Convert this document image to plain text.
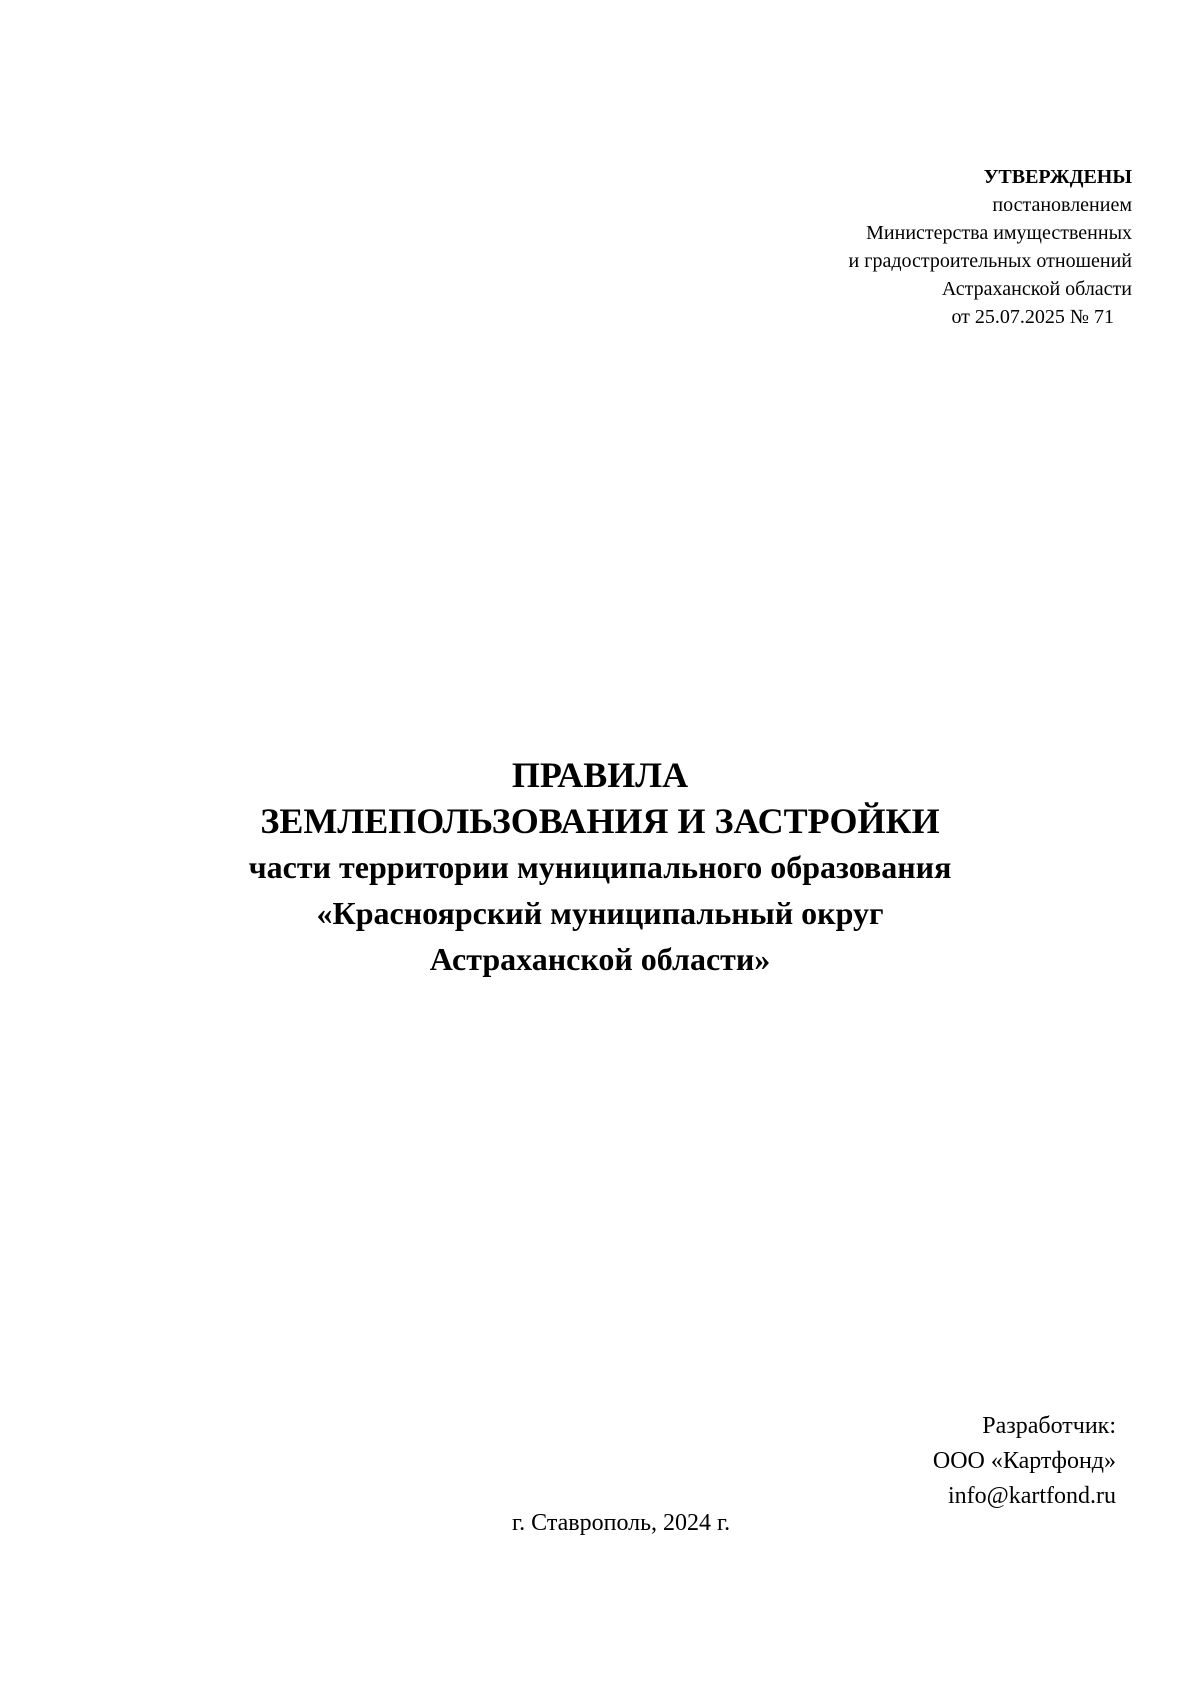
УТВЕРЖДЕНЫ
постановлением
Министерства имущественных
и градостроительных отношений
Астраханской области
от 25.07.2025 № 71
ПРАВИЛА
ЗЕМЛЕПОЛЬЗОВАНИЯ И ЗАСТРОЙКИ
части территории муниципального образования
«Красноярский муниципальный округ
Астраханской области»
Разработчик:
ООО «Картфонд»
info@kartfond.ru
г. Ставрополь, 2024 г.
